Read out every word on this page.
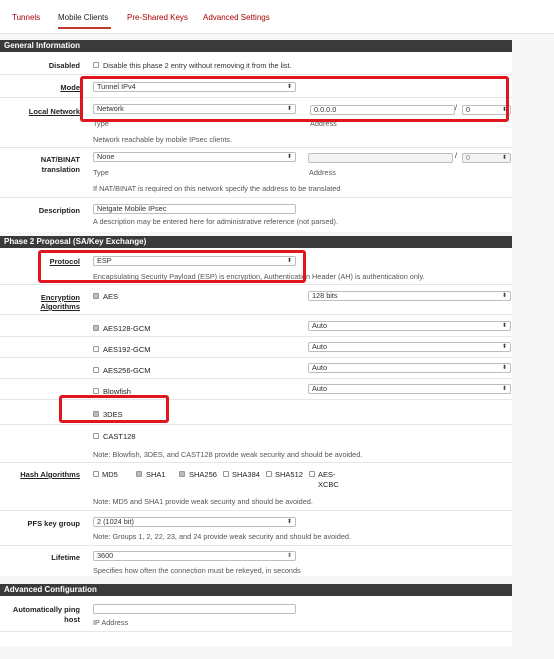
Tunnels Mobile Clients Pre-Shared Keys Advanced Settings
General Information
Disabled	Disable this phase 2 entry without removing it from the list.
Mode	Tunnel IPv4	⬍
Local Network	Network	⬍	0.0.0.0	/	0	⬍
Type	Address
Network reachable by mobile IPsec clients.
NAT/BINAT
translation
None	⬍	/	0	⬍
Type	Address
If NAT/BINAT is required on this network specify the address to be translated
Description	Netgate Mobile IPsec
A description may be entered here for administrative reference (not parsed).
Phase 2 Proposal (SA/Key Exchange)
Protocol	ESP	⬍
Encapsulating Security Payload (ESP) is encryption, Authentication Header (AH) is authentication only.
Encryption
Algorithms
AES	128 bits	⬍
AES128-GCM	Auto	⬍
AES192-GCM	Auto	⬍
AES256-GCM	Auto	⬍
Blowfish	Auto	⬍
3DES
CAST128
Note: Blowfish, 3DES, and CAST128 provide weak security and should be avoided.
Hash Algorithms	MD5	SHA1	SHA256 SHA384 SHA512 AES-
XCBC
Note: MD5 and SHA1 provide weak security and should be avoided.
PFS key group	2 (1024 bit)	⬍
Note: Groups 1, 2, 22, 23, and 24 provide weak security and should be avoided.
Lifetime	3600	⬍
Specifies how often the connection must be rekeyed, in seconds
Advanced Configuration
Automatically ping
host IP Address
